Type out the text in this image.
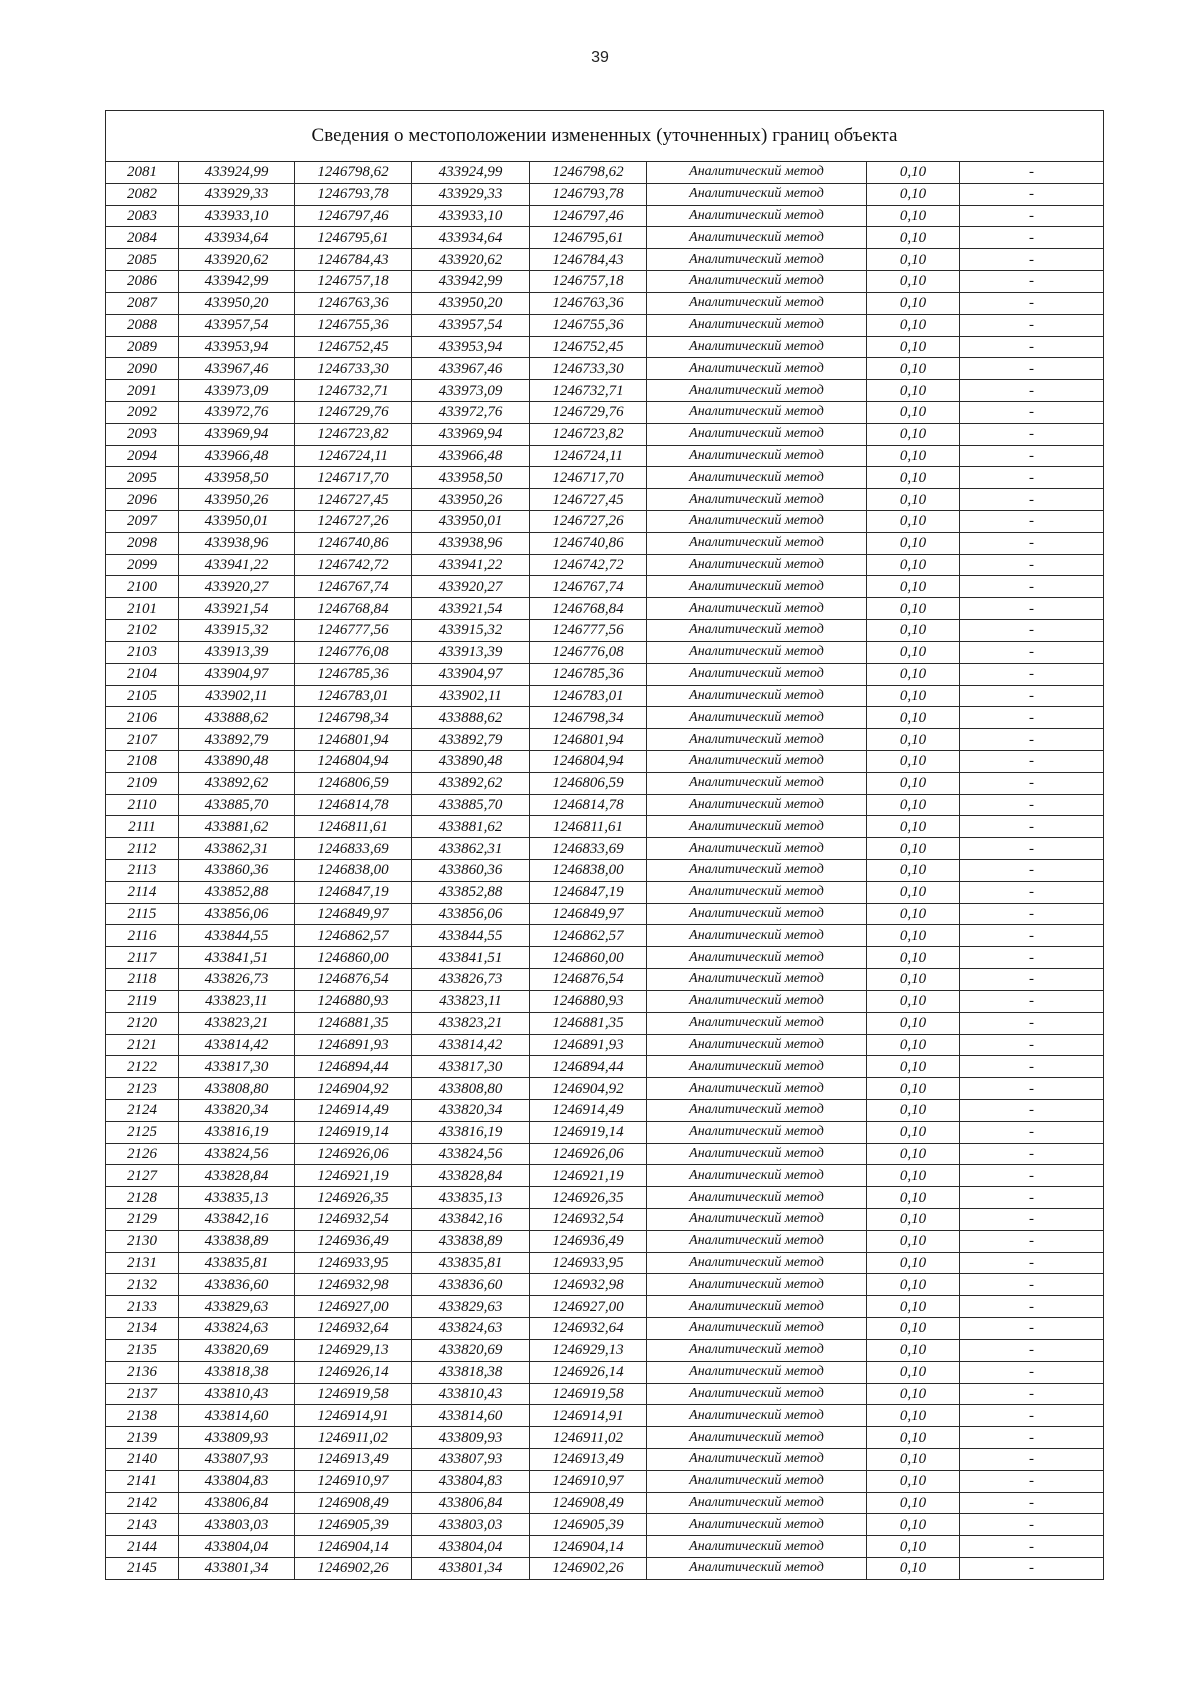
39
Сведения о местоположении измененных (уточненных) границ объекта							
2081	433924,99	1246798,62	433924,99	1246798,62	Аналитический метод	0,10	-
2082	433929,33	1246793,78	433929,33	1246793,78	Аналитический метод	0,10	-
2083	433933,10	1246797,46	433933,10	1246797,46	Аналитический метод	0,10	-
2084	433934,64	1246795,61	433934,64	1246795,61	Аналитический метод	0,10	-
2085	433920,62	1246784,43	433920,62	1246784,43	Аналитический метод	0,10	-
2086	433942,99	1246757,18	433942,99	1246757,18	Аналитический метод	0,10	-
2087	433950,20	1246763,36	433950,20	1246763,36	Аналитический метод	0,10	-
2088	433957,54	1246755,36	433957,54	1246755,36	Аналитический метод	0,10	-
2089	433953,94	1246752,45	433953,94	1246752,45	Аналитический метод	0,10	-
2090	433967,46	1246733,30	433967,46	1246733,30	Аналитический метод	0,10	-
2091	433973,09	1246732,71	433973,09	1246732,71	Аналитический метод	0,10	-
2092	433972,76	1246729,76	433972,76	1246729,76	Аналитический метод	0,10	-
2093	433969,94	1246723,82	433969,94	1246723,82	Аналитический метод	0,10	-
2094	433966,48	1246724,11	433966,48	1246724,11	Аналитический метод	0,10	-
2095	433958,50	1246717,70	433958,50	1246717,70	Аналитический метод	0,10	-
2096	433950,26	1246727,45	433950,26	1246727,45	Аналитический метод	0,10	-
2097	433950,01	1246727,26	433950,01	1246727,26	Аналитический метод	0,10	-
2098	433938,96	1246740,86	433938,96	1246740,86	Аналитический метод	0,10	-
2099	433941,22	1246742,72	433941,22	1246742,72	Аналитический метод	0,10	-
2100	433920,27	1246767,74	433920,27	1246767,74	Аналитический метод	0,10	-
2101	433921,54	1246768,84	433921,54	1246768,84	Аналитический метод	0,10	-
2102	433915,32	1246777,56	433915,32	1246777,56	Аналитический метод	0,10	-
2103	433913,39	1246776,08	433913,39	1246776,08	Аналитический метод	0,10	-
2104	433904,97	1246785,36	433904,97	1246785,36	Аналитический метод	0,10	-
2105	433902,11	1246783,01	433902,11	1246783,01	Аналитический метод	0,10	-
2106	433888,62	1246798,34	433888,62	1246798,34	Аналитический метод	0,10	-
2107	433892,79	1246801,94	433892,79	1246801,94	Аналитический метод	0,10	-
2108	433890,48	1246804,94	433890,48	1246804,94	Аналитический метод	0,10	-
2109	433892,62	1246806,59	433892,62	1246806,59	Аналитический метод	0,10	-
2110	433885,70	1246814,78	433885,70	1246814,78	Аналитический метод	0,10	-
2111	433881,62	1246811,61	433881,62	1246811,61	Аналитический метод	0,10	-
2112	433862,31	1246833,69	433862,31	1246833,69	Аналитический метод	0,10	-
2113	433860,36	1246838,00	433860,36	1246838,00	Аналитический метод	0,10	-
2114	433852,88	1246847,19	433852,88	1246847,19	Аналитический метод	0,10	-
2115	433856,06	1246849,97	433856,06	1246849,97	Аналитический метод	0,10	-
2116	433844,55	1246862,57	433844,55	1246862,57	Аналитический метод	0,10	-
2117	433841,51	1246860,00	433841,51	1246860,00	Аналитический метод	0,10	-
2118	433826,73	1246876,54	433826,73	1246876,54	Аналитический метод	0,10	-
2119	433823,11	1246880,93	433823,11	1246880,93	Аналитический метод	0,10	-
2120	433823,21	1246881,35	433823,21	1246881,35	Аналитический метод	0,10	-
2121	433814,42	1246891,93	433814,42	1246891,93	Аналитический метод	0,10	-
2122	433817,30	1246894,44	433817,30	1246894,44	Аналитический метод	0,10	-
2123	433808,80	1246904,92	433808,80	1246904,92	Аналитический метод	0,10	-
2124	433820,34	1246914,49	433820,34	1246914,49	Аналитический метод	0,10	-
2125	433816,19	1246919,14	433816,19	1246919,14	Аналитический метод	0,10	-
2126	433824,56	1246926,06	433824,56	1246926,06	Аналитический метод	0,10	-
2127	433828,84	1246921,19	433828,84	1246921,19	Аналитический метод	0,10	-
2128	433835,13	1246926,35	433835,13	1246926,35	Аналитический метод	0,10	-
2129	433842,16	1246932,54	433842,16	1246932,54	Аналитический метод	0,10	-
2130	433838,89	1246936,49	433838,89	1246936,49	Аналитический метод	0,10	-
2131	433835,81	1246933,95	433835,81	1246933,95	Аналитический метод	0,10	-
2132	433836,60	1246932,98	433836,60	1246932,98	Аналитический метод	0,10	-
2133	433829,63	1246927,00	433829,63	1246927,00	Аналитический метод	0,10	-
2134	433824,63	1246932,64	433824,63	1246932,64	Аналитический метод	0,10	-
2135	433820,69	1246929,13	433820,69	1246929,13	Аналитический метод	0,10	-
2136	433818,38	1246926,14	433818,38	1246926,14	Аналитический метод	0,10	-
2137	433810,43	1246919,58	433810,43	1246919,58	Аналитический метод	0,10	-
2138	433814,60	1246914,91	433814,60	1246914,91	Аналитический метод	0,10	-
2139	433809,93	1246911,02	433809,93	1246911,02	Аналитический метод	0,10	-
2140	433807,93	1246913,49	433807,93	1246913,49	Аналитический метод	0,10	-
2141	433804,83	1246910,97	433804,83	1246910,97	Аналитический метод	0,10	-
2142	433806,84	1246908,49	433806,84	1246908,49	Аналитический метод	0,10	-
2143	433803,03	1246905,39	433803,03	1246905,39	Аналитический метод	0,10	-
2144	433804,04	1246904,14	433804,04	1246904,14	Аналитический метод	0,10	-
2145	433801,34	1246902,26	433801,34	1246902,26	Аналитический метод	0,10	-
